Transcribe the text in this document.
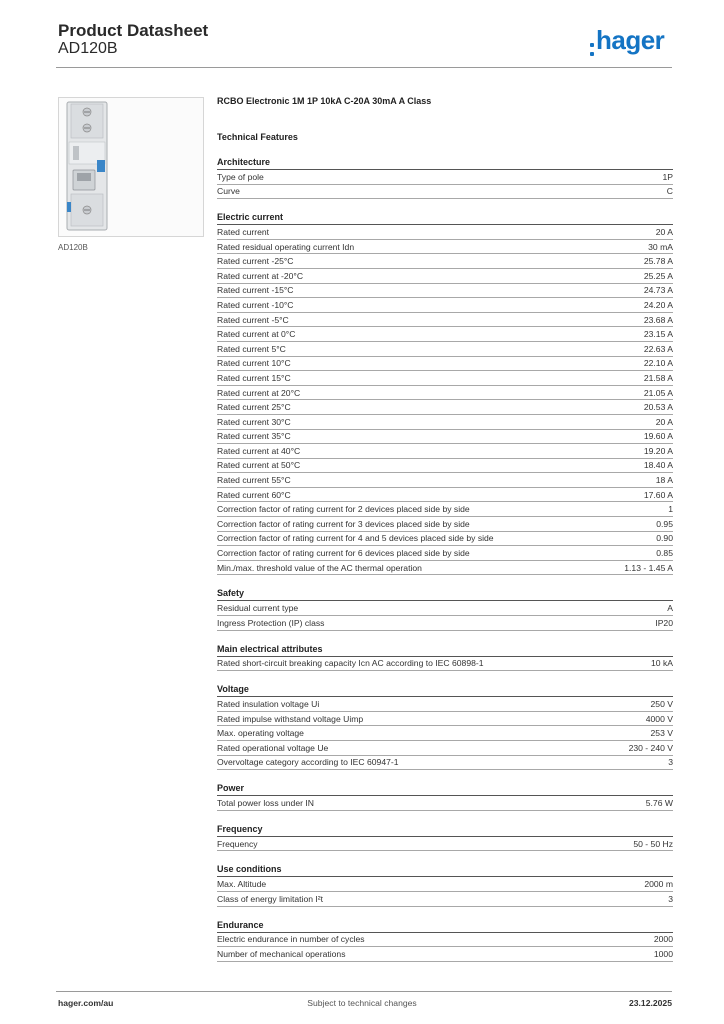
Product Datasheet
AD120B	hager
AD120B
RCBO Electronic 1M 1P 10kA C-20A 30mA A Class
Technical Features
Architecture
Type of pole	1P
Curve	C
Electric current
Rated current	20 A
Rated residual operating current Idn	30 mA
Rated current -25°C	25.78 A
Rated current at -20°C	25.25 A
Rated current -15°C	24.73 A
Rated current -10°C	24.20 A
Rated current -5°C	23.68 A
Rated current at 0°C	23.15 A
Rated current 5°C	22.63 A
Rated current 10°C	22.10 A
Rated current 15°C	21.58 A
Rated current at 20°C	21.05 A
Rated current 25°C	20.53 A
Rated current 30°C	20 A
Rated current 35°C	19.60 A
Rated current at 40°C	19.20 A
Rated current at 50°C	18.40 A
Rated current 55°C	18 A
Rated current 60°C	17.60 A
Correction factor of rating current for 2 devices placed side by side	1
Correction factor of rating current for 3 devices placed side by side	0.95
Correction factor of rating current for 4 and 5 devices placed side by side	0.90
Correction factor of rating current for 6 devices placed side by side	0.85
Min./max. threshold value of the AC thermal operation	1.13 - 1.45 A
Safety
Residual current type	A
Ingress Protection (IP) class	IP20
Main electrical attributes
Rated short-circuit breaking capacity Icn AC according to IEC 60898-1	10 kA
Voltage
Rated insulation voltage Ui	250 V
Rated impulse withstand voltage Uimp	4000 V
Max. operating voltage	253 V
Rated operational voltage Ue	230 - 240 V
Overvoltage category according to IEC 60947-1	3
Power
Total power loss under IN	5.76 W
Frequency
Frequency	50 - 50 Hz
Use conditions
Max. Altitude	2000 m
Class of energy limitation I²t	3
Endurance
Electric endurance in number of cycles	2000
Number of mechanical operations	1000
hager.com/au	Subject to technical changes	23.12.2025
